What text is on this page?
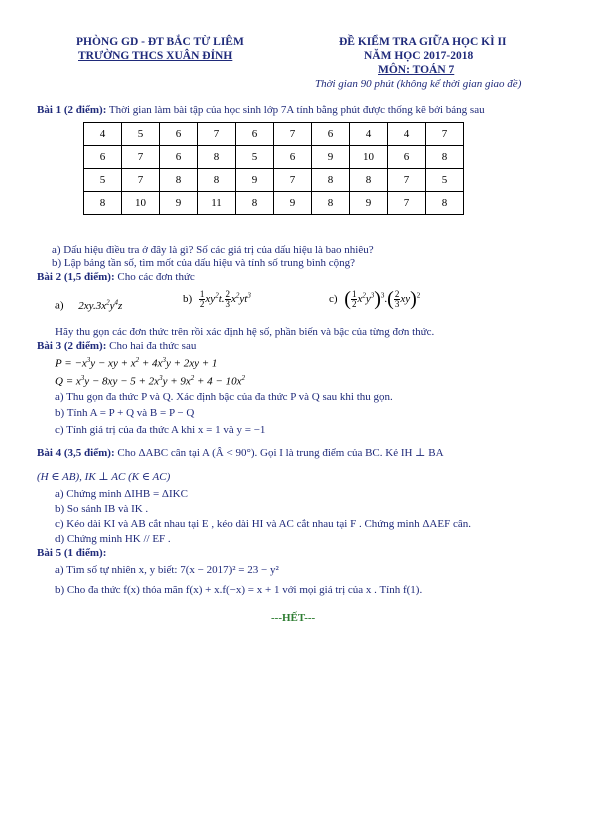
PHÒNG GD - ĐT BẮC TỪ LIÊM
TRƯỜNG THCS XUÂN ĐỈNH
ĐỀ KIỂM TRA GIỮA HỌC KÌ II
NĂM HỌC 2017-2018
MÔN: TOÁN 7
Thời gian 90 phút (không kể thời gian giao đề)
Bài 1 (2 điểm): Thời gian làm bài tập của học sinh lớp 7A tính bằng phút được thống kê bởi bảng sau
4	5	6	7	6	7	6	4	4	7
6	7	6	8	5	6	9	10	6	8
5	7	8	8	9	7	8	8	7	5
8	10	9	11	8	9	8	9	7	8
a) Dấu hiệu điều tra ở đây là gì? Số các giá trị của dấu hiệu là bao nhiêu?
b) Lập bảng tần số, tìm mốt của dấu hiệu và tính số trung bình cộng?
Bài 2 (1,5 điểm): Cho các đơn thức
a) $2xy.3x^2y^4z$
$b) \frac{1}{2} xy^2t$. $\frac{2}{3} x^2yt^3$	c) ( $\frac{1}{2} x^2y^3)^3.( \frac{2}{3} xy)^2$
Hãy thu gọn các đơn thức trên rồi xác định hệ số, phần biến và bậc của từng đơn thức.
Bài 3 (2 điểm): Cho hai đa thức sau
$P = -x^3y$ − xy + $x^2 + 4x^3y + 2xy + 1$
$Q = x^3y - 8xy - 5 + 2x^3y + 9x^2 + 4 - 10x^2$
a) Thu gọn đa thức P và Q. Xác định bậc của đa thức P và Q sau khi thu gọn.
b) Tính A = P + Q và B = P − Q
c) Tính giá trị của đa thức A khi x = 1 và y = −1
Bài 4 (3,5 điểm): Cho ΔABC cân tại A (Â < 90°). Gọi I là trung điểm của BC. Kẻ IH ⊥ BA
(H ∈ AB), IK ⊥ AC (K ∈ AC)
a) Chứng minh ΔIHB = ΔIKC
b) So sánh IB và IK .
c) Kéo dài KI và AB cắt nhau tại E , kéo dài HI và AC cắt nhau tại F . Chứng minh ΔAEF cân.
d) Chứng minh HK // EF .
Bài 5 (1 điểm):
a) Tìm số tự nhiên x, y biết: 7(x − 2017)² = 23 − y²
b) Cho đa thức f(x) thỏa mãn f(x) + x.f(−x) = x + 1 với mọi giá trị của x . Tính f(1).
---HẾT---
